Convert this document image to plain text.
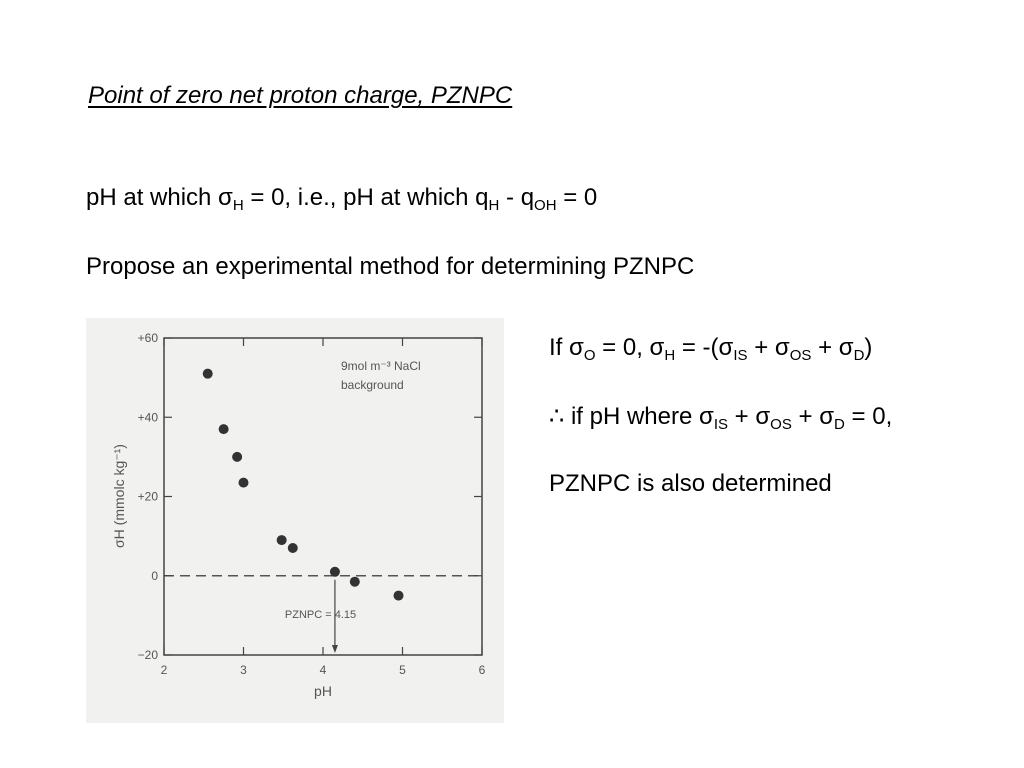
Point of zero net proton charge, PZNPC
pH at which $\sigma_H = 0$, i.e., pH at which $q_H - q_{OH} = 0$
Propose an experimental method for determining PZNPC
If $\sigma_O = 0$, $\sigma_H = -(\sigma_{IS} + \sigma_{OS} + \sigma_D)$
∴ if pH where $\sigma_{IS} + \sigma_{OS} + \sigma_D = 0$,
PZNPC is also determined
−20
0
+20
+40
+60
2	3	4	5	6
9mol m⁻³ NaCl
background
PZNPC = 4.15
pH
σH (mmolc kg⁻¹)
